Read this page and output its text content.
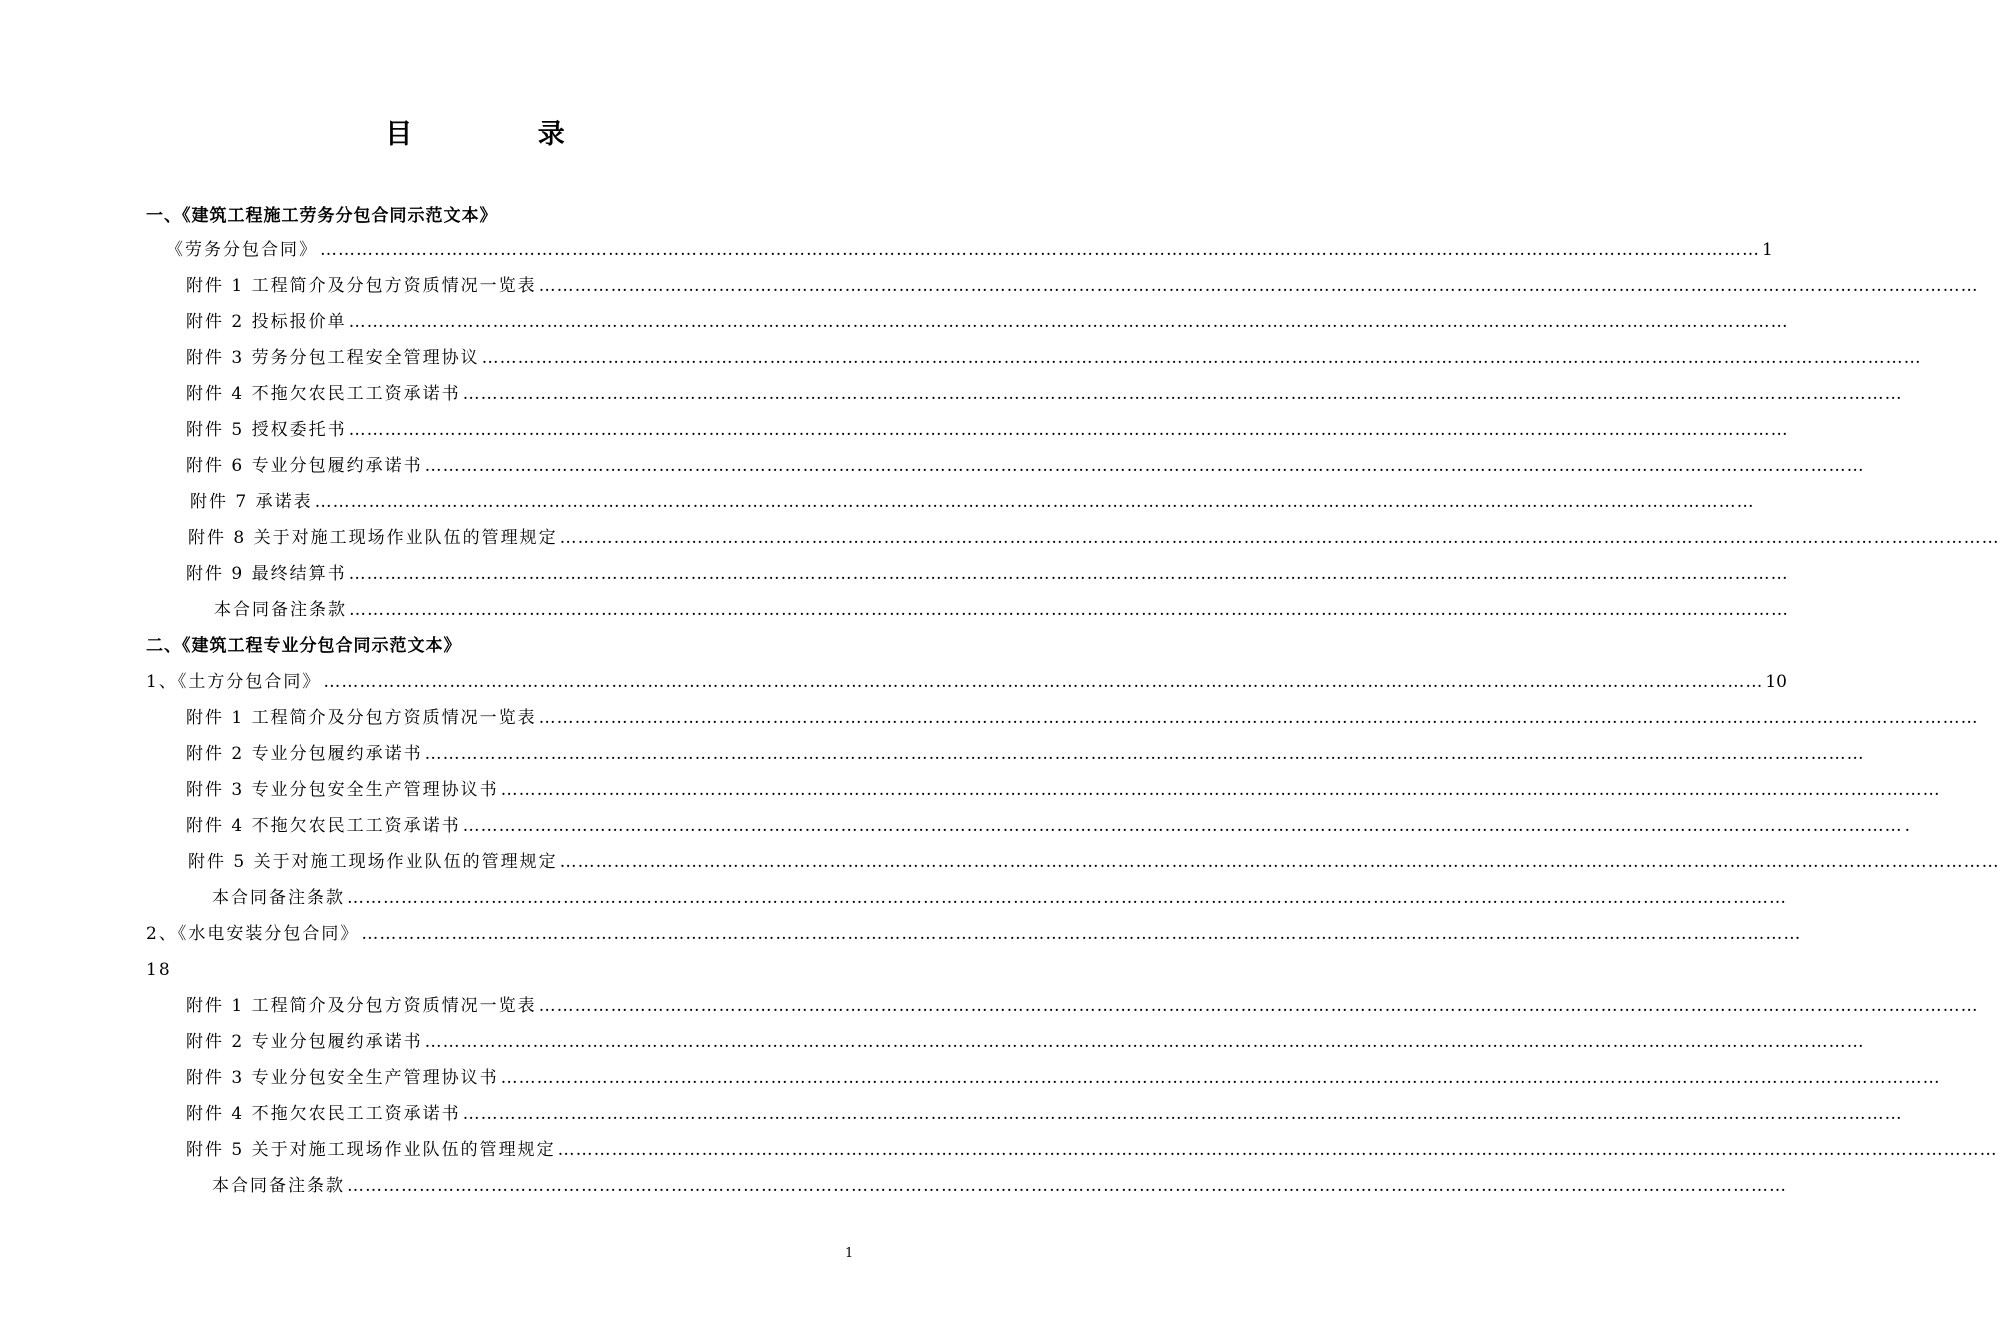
目 录
一、《建筑工程施工劳务分包合同示范文本》
《劳务分包合同》 …………………………………………………………………………………………………………………………………………………………………………………………………………………… 1
附件 1 工程简介及分包方资质情况一览表 ……………………………………………………………………………………………………………………………………………………………………………………………………………………
附件 2 投标报价单 ……………………………………………………………………………………………………………………………………………………………………………………………………………………
附件 3 劳务分包工程安全管理协议 ……………………………………………………………………………………………………………………………………………………………………………………………………………………
附件 4 不拖欠农民工工资承诺书 ……………………………………………………………………………………………………………………………………………………………………………………………………………………
附件 5 授权委托书 ……………………………………………………………………………………………………………………………………………………………………………………………………………………
附件 6 专业分包履约承诺书 ……………………………………………………………………………………………………………………………………………………………………………………………………………………
附件 7 承诺表 ……………………………………………………………………………………………………………………………………………………………………………………………………………………
附件 8 关于对施工现场作业队伍的管理规定 ……………………………………………………………………………………………………………………………………………………………………………………………………………………
附件 9 最终结算书 ……………………………………………………………………………………………………………………………………………………………………………………………………………………
本合同备注条款 ……………………………………………………………………………………………………………………………………………………………………………………………………………………
二、《建筑工程专业分包合同示范文本》
1、《土方分包合同》 …………………………………………………………………………………………………………………………………………………………………………………………………………………… 10
附件 1 工程简介及分包方资质情况一览表 ……………………………………………………………………………………………………………………………………………………………………………………………………………………
附件 2 专业分包履约承诺书 ……………………………………………………………………………………………………………………………………………………………………………………………………………………
附件 3 专业分包安全生产管理协议书 ……………………………………………………………………………………………………………………………………………………………………………………………………………………
附件 4 不拖欠农民工工资承诺书 …………………………………………………………………………………………………………………………………………………………………………………………………………………… .
附件 5 关于对施工现场作业队伍的管理规定 ……………………………………………………………………………………………………………………………………………………………………………………………………………………
本合同备注条款 ……………………………………………………………………………………………………………………………………………………………………………………………………………………
2、《水电安装分包合同》 ……………………………………………………………………………………………………………………………………………………………………………………………………………………
18
附件 1 工程简介及分包方资质情况一览表 ……………………………………………………………………………………………………………………………………………………………………………………………………………………
附件 2 专业分包履约承诺书 ……………………………………………………………………………………………………………………………………………………………………………………………………………………
附件 3 专业分包安全生产管理协议书 ……………………………………………………………………………………………………………………………………………………………………………………………………………………
附件 4 不拖欠农民工工资承诺书 ……………………………………………………………………………………………………………………………………………………………………………………………………………………
附件 5 关于对施工现场作业队伍的管理规定 ……………………………………………………………………………………………………………………………………………………………………………………………………………………
本合同备注条款 ……………………………………………………………………………………………………………………………………………………………………………………………………………………
1
